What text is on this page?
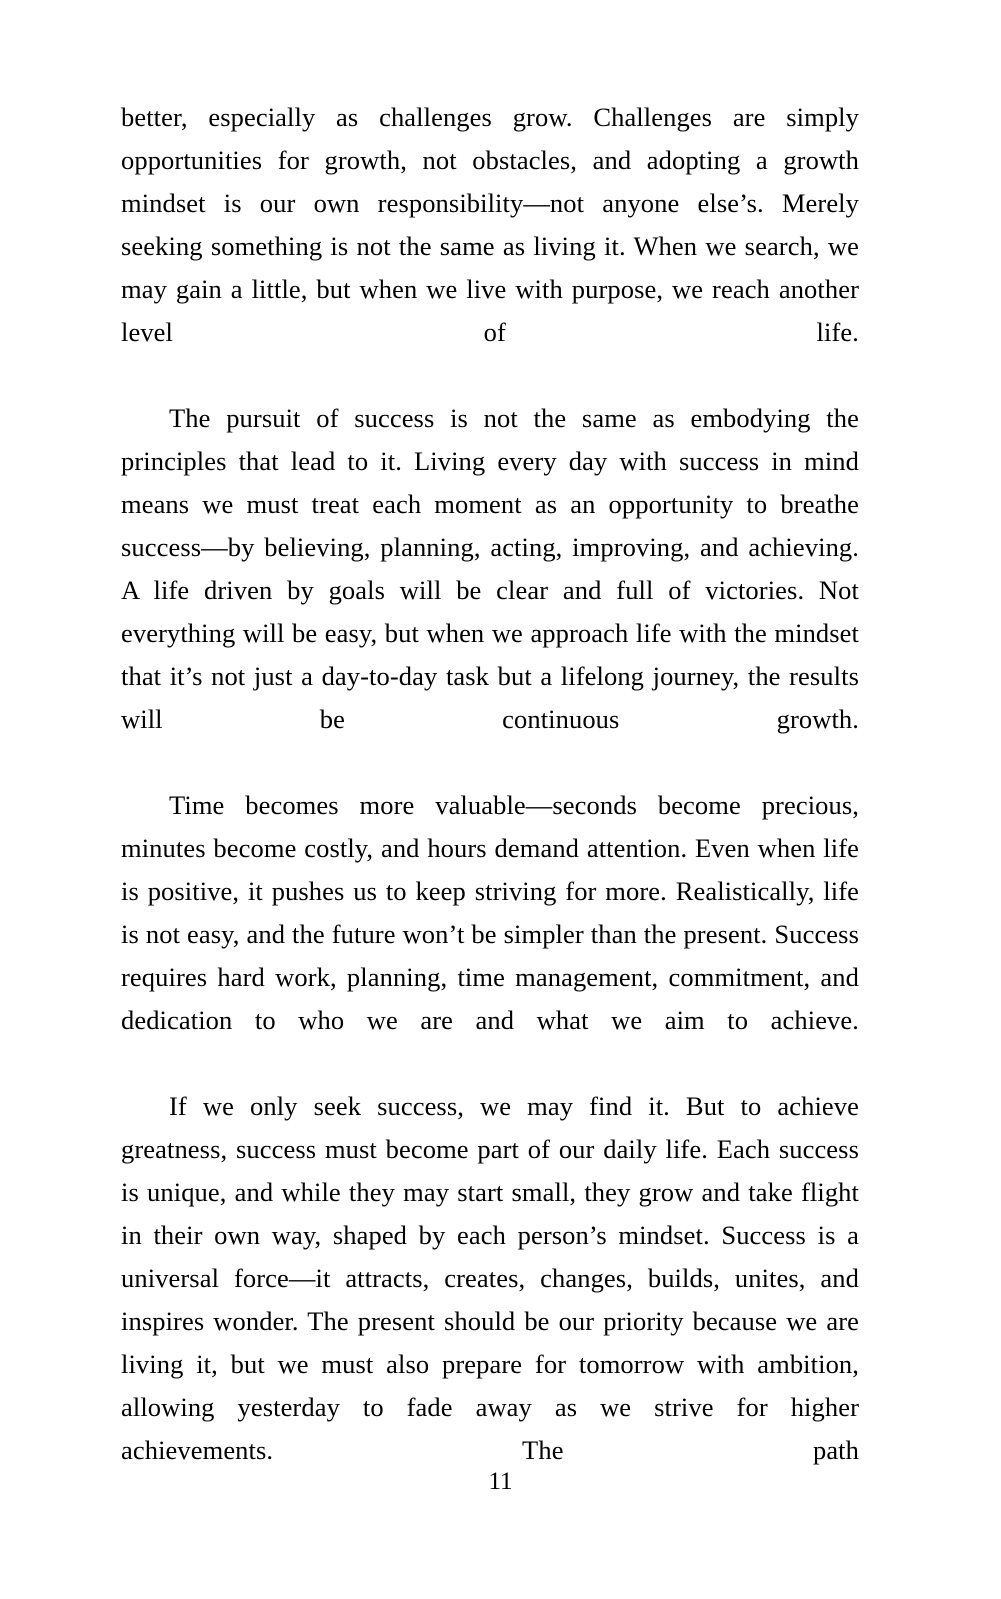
better, especially as challenges grow. Challenges are simply opportunities for growth, not obstacles, and adopting a growth mindset is our own responsibility—not anyone else’s. Merely seeking something is not the same as living it. When we search, we may gain a little, but when we live with purpose, we reach another level of life.

The pursuit of success is not the same as embodying the principles that lead to it. Living every day with success in mind means we must treat each moment as an opportunity to breathe success—by believing, planning, acting, improving, and achieving. A life driven by goals will be clear and full of victories. Not everything will be easy, but when we approach life with the mindset that it’s not just a day-to-day task but a lifelong journey, the results will be continuous growth.

Time becomes more valuable—seconds become precious, minutes become costly, and hours demand attention. Even when life is positive, it pushes us to keep striving for more. Realistically, life is not easy, and the future won’t be simpler than the present. Success requires hard work, planning, time management, commitment, and dedication to who we are and what we aim to achieve.

If we only seek success, we may find it. But to achieve greatness, success must become part of our daily life. Each success is unique, and while they may start small, they grow and take flight in their own way, shaped by each person’s mindset. Success is a universal force—it attracts, creates, changes, builds, unites, and inspires wonder. The present should be our priority because we are living it, but we must also prepare for tomorrow with ambition, allowing yesterday to fade away as we strive for higher achievements. The path

11
